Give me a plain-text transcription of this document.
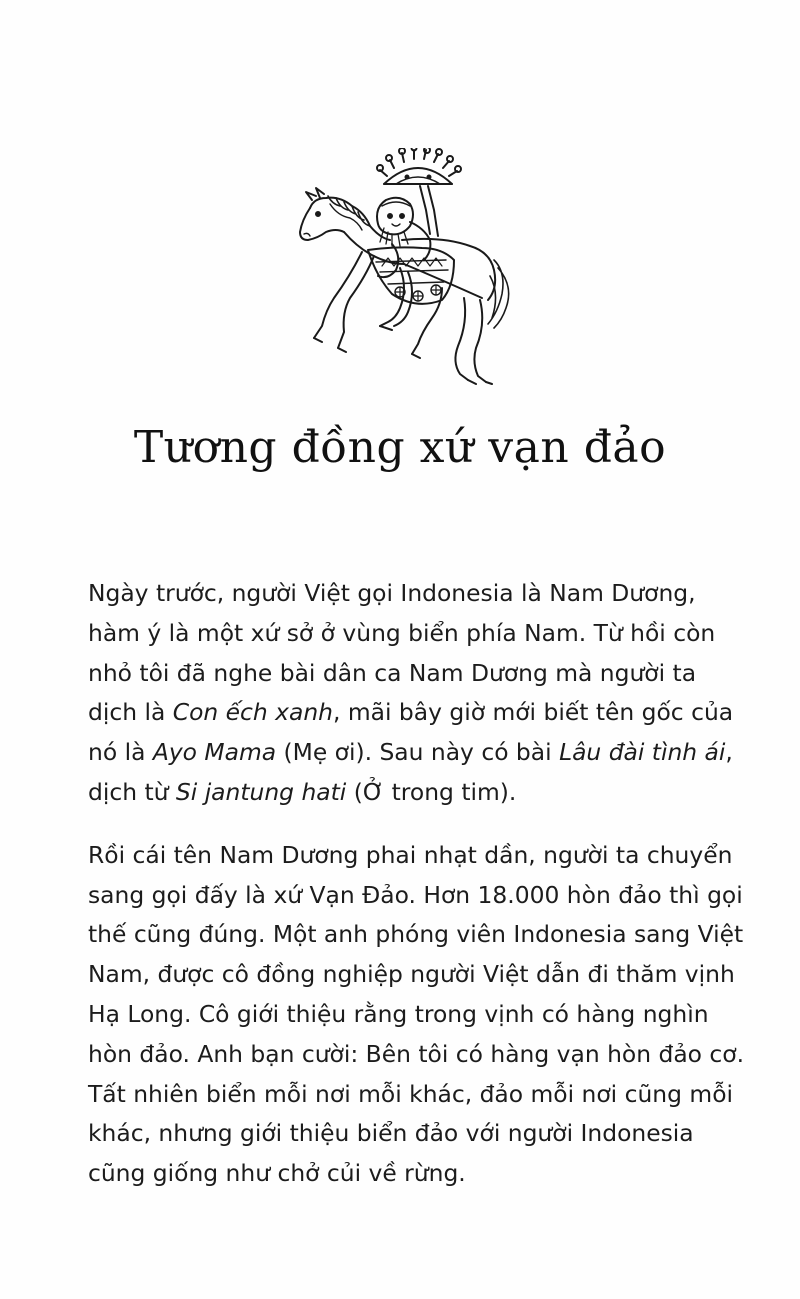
Tương đồng xứ vạn đảo

Ngày trước, người Việt gọi Indonesia là Nam Dương,
hàm ý là một xứ sở ở vùng biển phía Nam. Từ hồi còn
nhỏ tôi đã nghe bài dân ca Nam Dương mà người ta
dịch là Con ếch xanh, mãi bây giờ mới biết tên gốc của
nó là Ayo Mama (Mẹ ơi). Sau này có bài Lâu đài tình ái,
dịch từ Si jantung hati (Ở trong tim).

Rồi cái tên Nam Dương phai nhạt dần, người ta chuyển
sang gọi đấy là xứ Vạn Đảo. Hơn 18.000 hòn đảo thì gọi
thế cũng đúng. Một anh phóng viên Indonesia sang Việt
Nam, được cô đồng nghiệp người Việt dẫn đi thăm vịnh
Hạ Long. Cô giới thiệu rằng trong vịnh có hàng nghìn
hòn đảo. Anh bạn cười: Bên tôi có hàng vạn hòn đảo cơ.
Tất nhiên biển mỗi nơi mỗi khác, đảo mỗi nơi cũng mỗi
khác, nhưng giới thiệu biển đảo với người Indonesia
cũng giống như chở củi về rừng.
